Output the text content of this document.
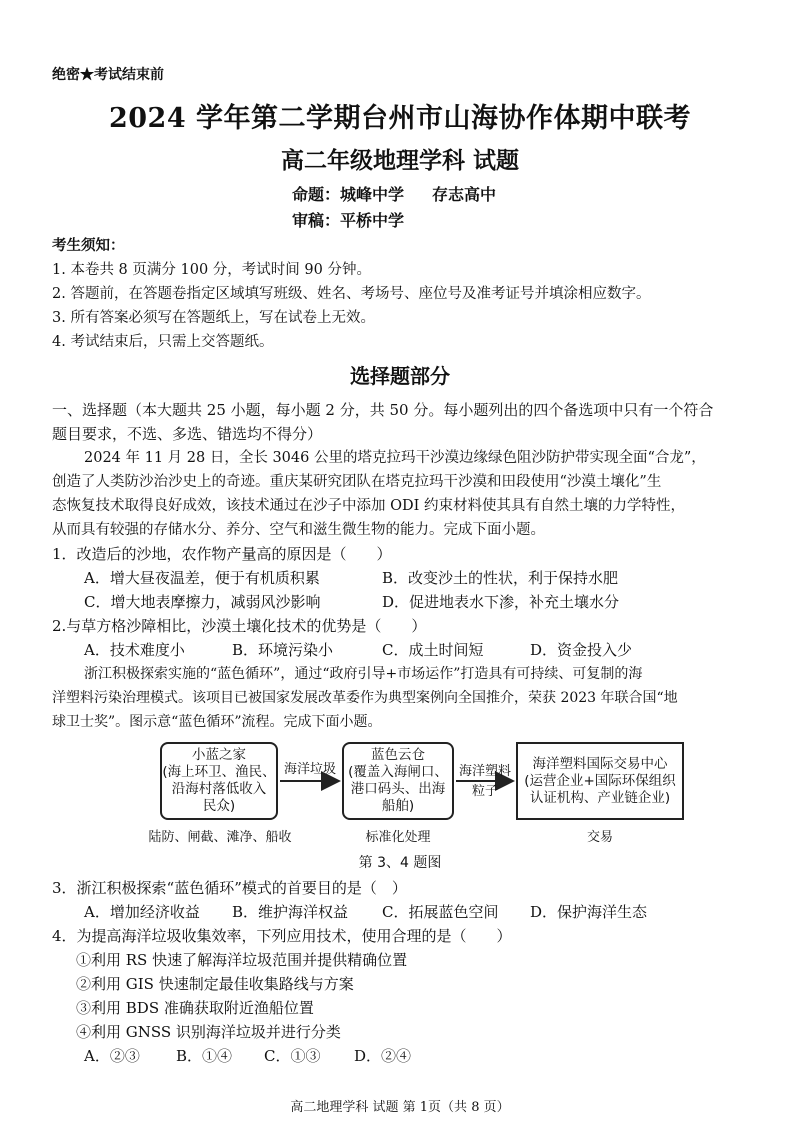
绝密★考试结束前
2024 学年第二学期台州市山海协作体期中联考
高二年级地理学科 试题
命题：城峰中学 存志高中
审稿：平桥中学
考生须知：
1. 本卷共 8 页满分 100 分，考试时间 90 分钟。
2. 答题前，在答题卷指定区域填写班级、姓名、考场号、座位号及准考证号并填涂相应数字。
3. 所有答案必须写在答题纸上，写在试卷上无效。
4. 考试结束后，只需上交答题纸。
选择题部分
一、选择题（本大题共 25 小题，每小题 2 分，共 50 分。每小题列出的四个备选项中只有一个符合
题目要求，不选、多选、错选均不得分）
2024 年 11 月 28 日，全长 3046 公里的塔克拉玛干沙漠边缘绿色阻沙防护带实现全面“合龙”，
创造了人类防沙治沙史上的奇迹。重庆某研究团队在塔克拉玛干沙漠和田段使用“沙漠土壤化”生
态恢复技术取得良好成效，该技术通过在沙子中添加 ODI 约束材料使其具有自然土壤的力学特性，
从而具有较强的存储水分、养分、空气和滋生微生物的能力。完成下面小题。
1．改造后的沙地，农作物产量高的原因是（　　）
A．增大昼夜温差，便于有机质积累	B．改变沙土的性状，利于保持水肥
C．增大地表摩擦力，减弱风沙影响	D．促进地表水下渗，补充土壤水分
2.与草方格沙障相比，沙漠土壤化技术的优势是（　　）
A．技术难度小	B．环境污染小	C．成土时间短	D．资金投入少
浙江积极探索实施的“蓝色循环”，通过“政府引导+市场运作”打造具有可持续、可复制的海
洋塑料污染治理模式。该项目已被国家发展改革委作为典型案例向全国推介，荣获 2023 年联合国“地
球卫士奖”。图示意“蓝色循环”流程。完成下面小题。
小蓝之家
(海上环卫、渔民、
沿海村落低收入
民众)
蓝色云仓
(覆盖入海闸口、
港口码头、出海
船舶)
海洋塑料国际交易中心
(运营企业+国际环保组织
认证机构、产业链企业)
海洋垃圾	海洋塑料
粒子
陆防、闸截、滩净、船收	标准化处理	交易
第 3、4 题图
3．浙江积极探索“蓝色循环”模式的首要目的是（　）
A．增加经济收益 B．维护海洋权益 C．拓展蓝色空间 D．保护海洋生态
4．为提高海洋垃圾收集效率，下列应用技术，使用合理的是（　　）
①利用 RS 快速了解海洋垃圾范围并提供精确位置
②利用 GIS 快速制定最佳收集路线与方案
③利用 BDS 准确获取附近渔船位置
④利用 GNSS 识别海洋垃圾并进行分类
A．②③ B．①④ C．①③ D．②④
高二地理学科 试题 第 1页（共 8 页）
